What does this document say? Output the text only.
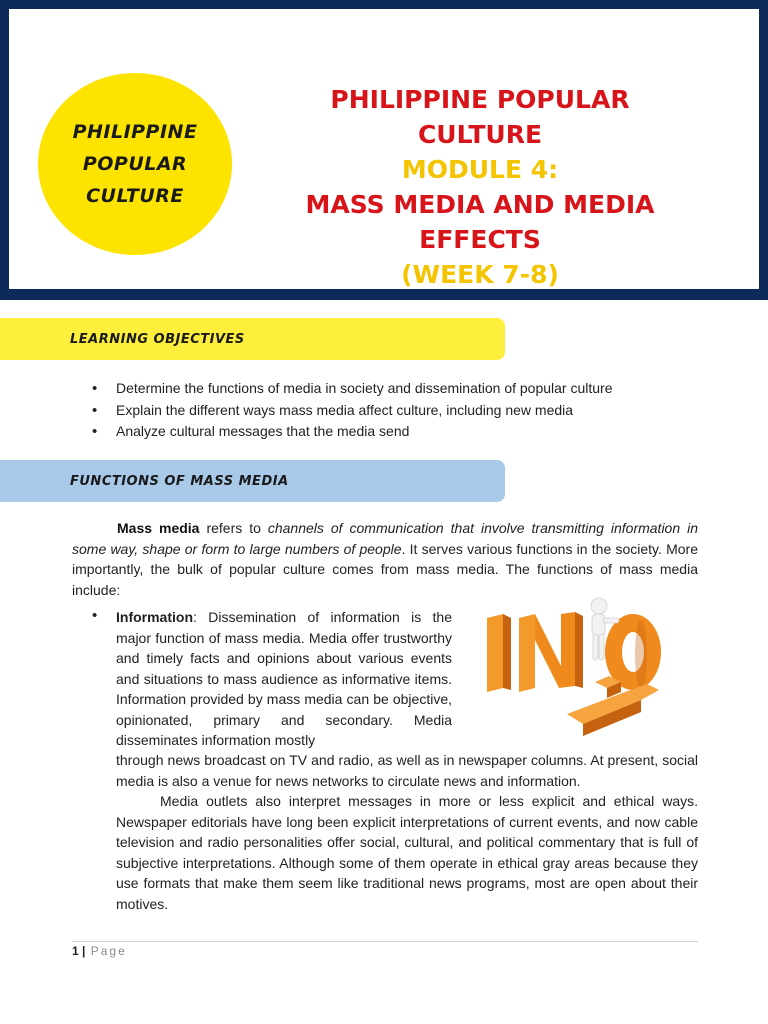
PHILIPPINE
POPULAR
CULTURE
PHILIPPINE POPULAR CULTURE
MODULE 4:
MASS MEDIA AND MEDIA EFFECTS
(WEEK 7-8)
LEARNING OBJECTIVES
• Determine the functions of media in society and dissemination of popular culture
• Explain the different ways mass media affect culture, including new media
• Analyze cultural messages that the media send
FUNCTIONS OF MASS MEDIA
Mass media refers to channels of communication that involve transmitting information in some way, shape or form to large numbers of people. It serves various functions in the society. More importantly, the bulk of popular culture comes from mass media. The functions of mass media include:
• Information: Dissemination of information is the major function of mass media. Media offer trustworthy and timely facts and opinions about various events and situations to mass audience as informative items. Information provided by mass media can be objective, opinionated, primary and secondary. Media disseminates information mostly
through news broadcast on TV and radio, as well as in newspaper columns. At present, social media is also a venue for news networks to circulate news and information.
Media outlets also interpret messages in more or less explicit and ethical ways. Newspaper editorials have long been explicit interpretations of current events, and now cable television and radio personalities offer social, cultural, and political commentary that is full of subjective interpretations. Although some of them operate in ethical gray areas because they use formats that make them seem like traditional news programs, most are open about their motives.
1 | Page
